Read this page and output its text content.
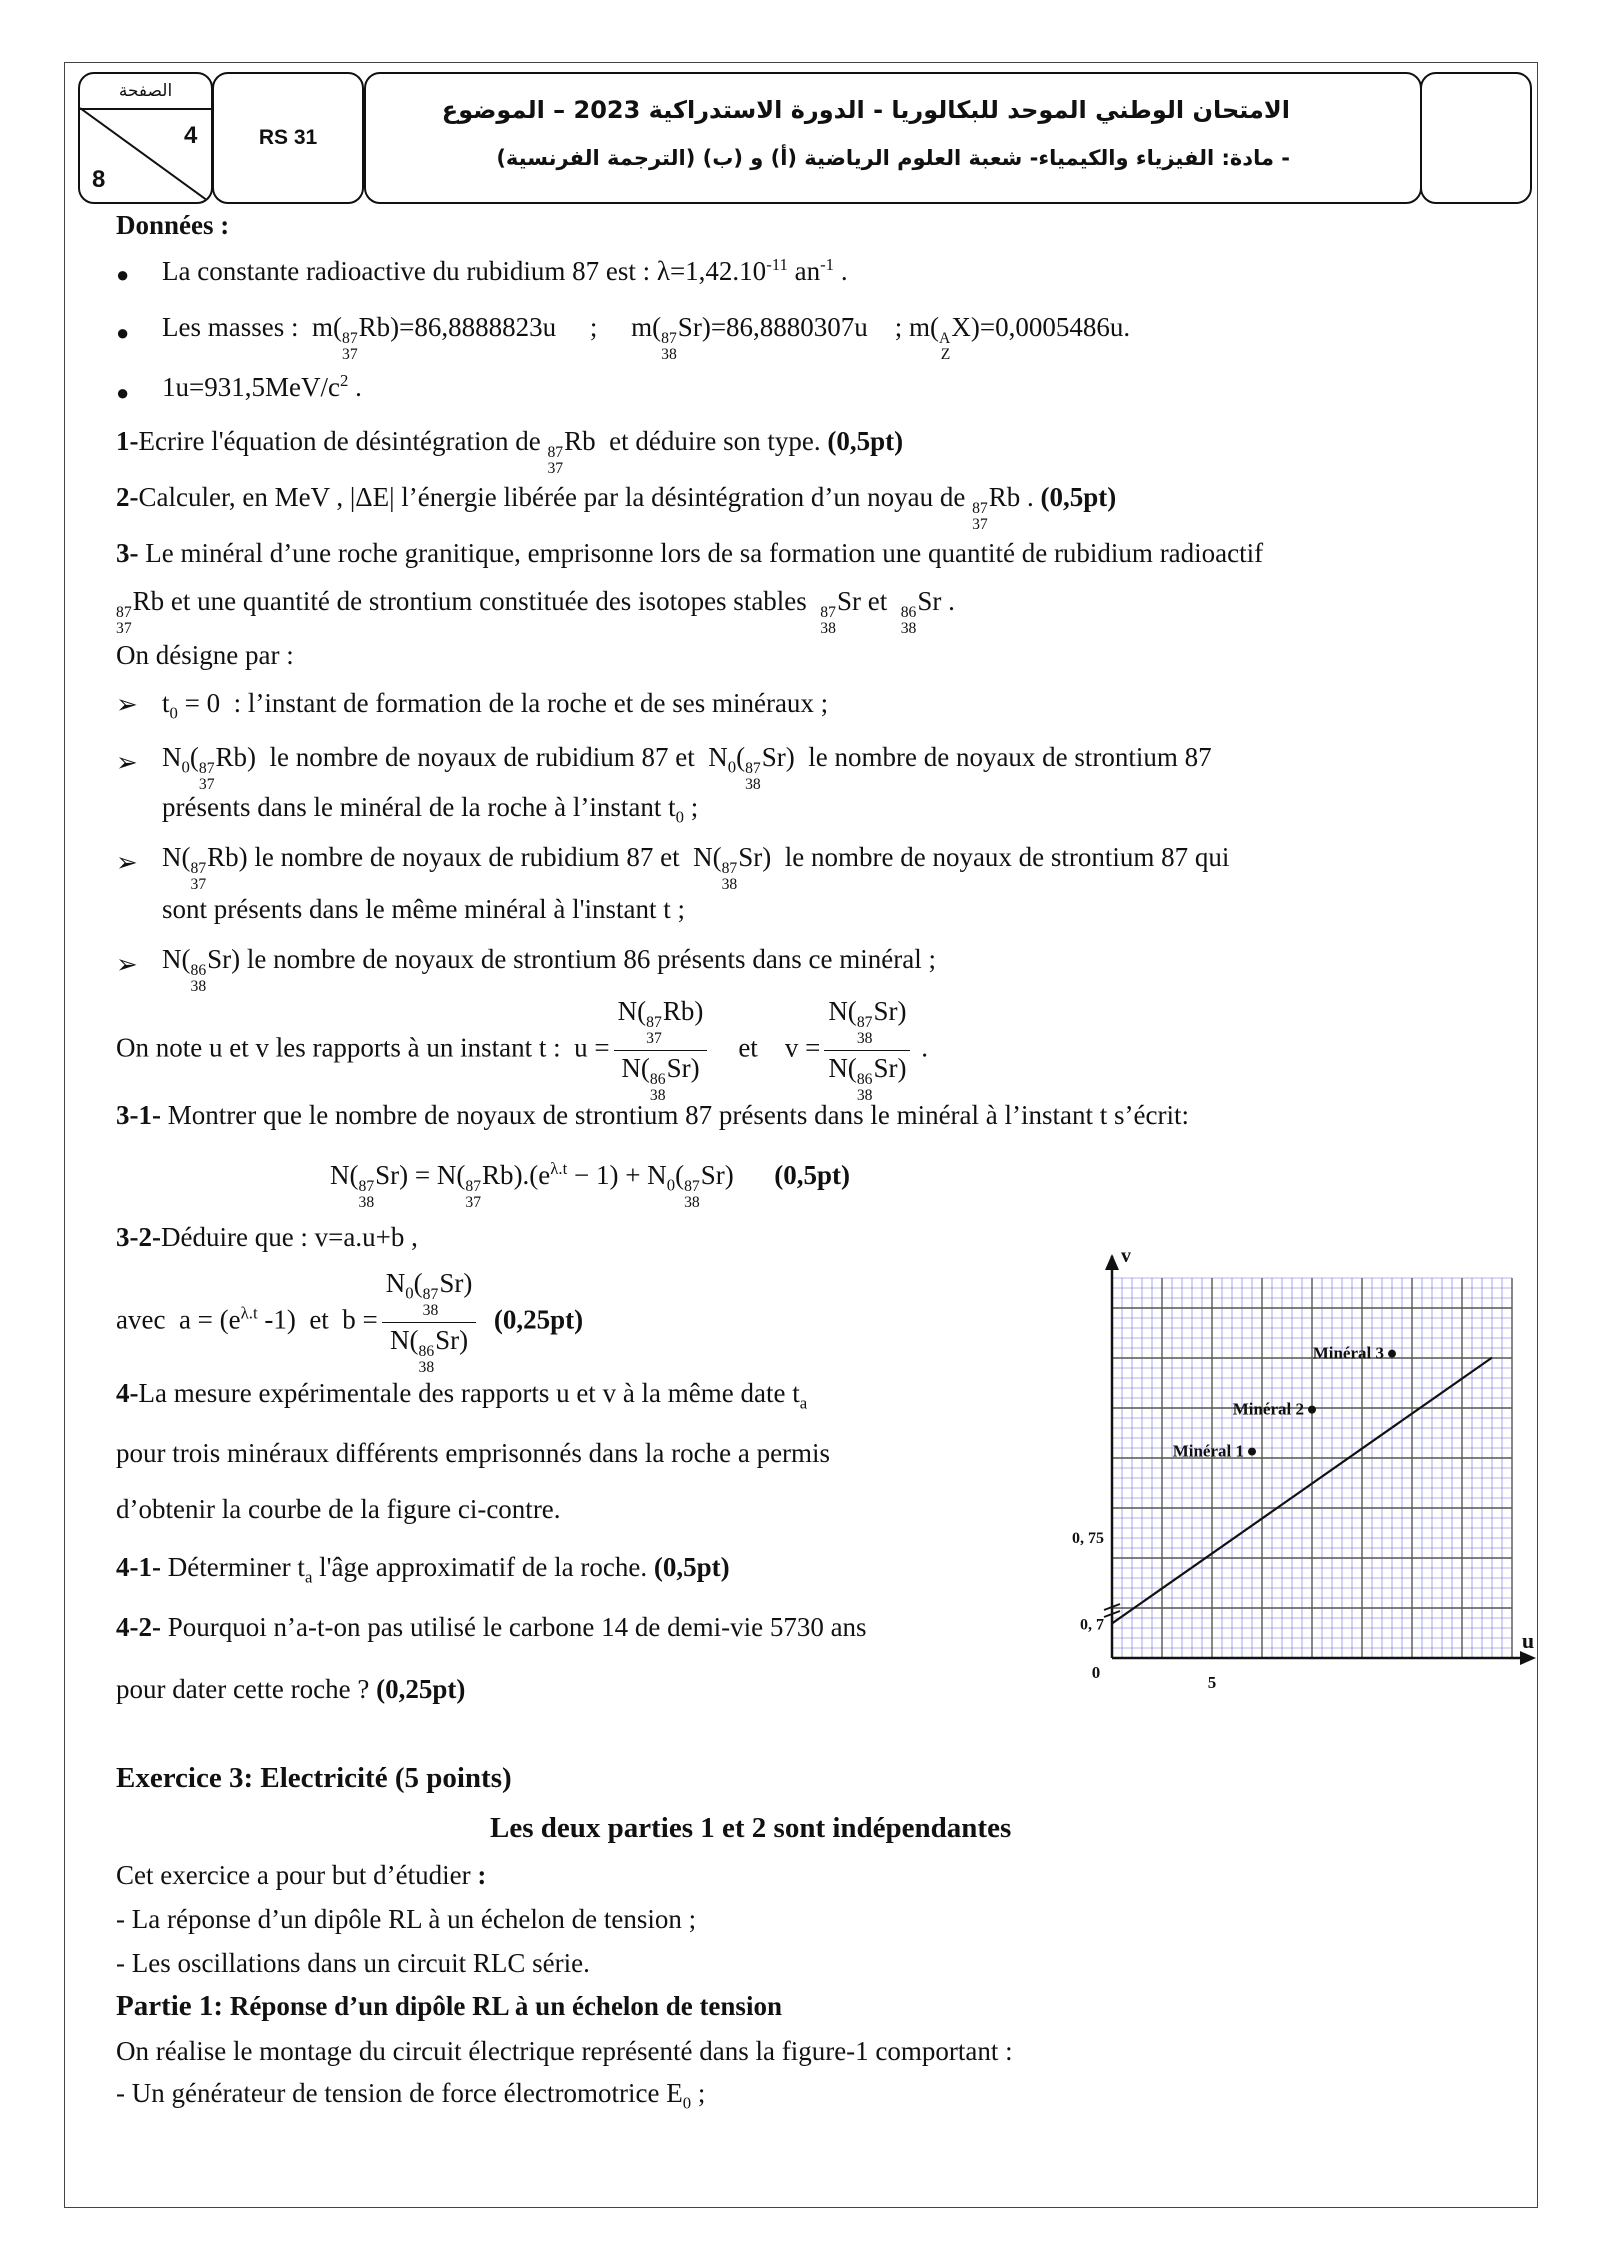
الصفحة
4
8
RS 31
الامتحان الوطني الموحد للبكالوريا - الدورة الاستدراكية 2023 – الموضوع
- مادة: الفيزياء والكيمياء- شعبة العلوم الرياضية (أ) و (ب) (الترجمة الفرنسية)
Données :
● La constante radioactive du rubidium 87 est : $\lambda=1,42.10^{-11}$ $an^{-1}$ .
● Les masses :  m( 87
37
Rb)=86,8888823u     ;     m( 87
38
Sr)=86,8880307u    ; m( A
Z
X)=0,0005486u.
● $1u=931,5MeV/c^2$ .
1-Ecrire l'équation de désintégration de 87
37
Rb et déduire son type. (0,5pt)
2-Calculer, en MeV , |ΔE| l’énergie libérée par la désintégration d’un noyau de 87
37
Rb . (0,5pt)
3- Le minéral d’une roche granitique, emprisonne lors de sa formation une quantité de rubidium radioactif
87
37
Rb et une quantité de strontium constituée des isotopes stables 87
38
Sr et 86
38
Sr .
On désigne par :
➢ $t_0 = 0$  : l’instant de formation de la roche et de ses minéraux ;
➢ $N_0$( 87
37
Rb)  le nombre de noyaux de rubidium 87 et  $N_0$( 87
38
Sr)  le nombre de noyaux de strontium 87
présents dans le minéral de la roche à l’instant $t_0$ ;
➢ N( 87
37
Rb) le nombre de noyaux de rubidium 87 et  N( 87
38
Sr)  le nombre de noyaux de strontium 87 qui
sont présents dans le même minéral à l'instant t ;
➢ N( 86
38
Sr) le nombre de noyaux de strontium 86 présents dans ce minéral ;
On note u et v les rapports à un instant t :  u = N( 87
37
Rb)
N( 86
38
Sr) et    v = N( 87
38
Sr)
N( 86
38
Sr) .
3-1- Montrer que le nombre de noyaux de strontium 87 présents dans le minéral à l’instant t s’écrit:
N( 87
38
Sr) = N( 87
37
$Rb).(e^{\lambda.t} - 1) + N_0$( 87
38
Sr)      (0,5pt)
3-2-Déduire que : v=a.u+b ,
avec  $a = (e^{\lambda.t}$ -1)  et  $b = N_0$( 87
38
Sr)
N( 86
38
Sr) (0,25pt)
4-La mesure expérimentale des rapports u et v à la même date $t_a$
pour trois minéraux différents emprisonnés dans la roche a permis
d’obtenir la courbe de la figure ci-contre.
4-1- Déterminer $t_a$ l'âge approximatif de la roche. (0,5pt)
4-2- Pourquoi n’a-t-on pas utilisé le carbone 14 de demi-vie 5730 ans
pour dater cette roche ? (0,25pt)
Minéral 1
Minéral 2
Minéral 3
v
u
0
5
0, 7
0, 75
Exercice 3: Electricité (5 points)
Les deux parties 1 et 2 sont indépendantes
Cet exercice a pour but d’étudier :
- La réponse d’un dipôle RL à un échelon de tension ;
- Les oscillations dans un circuit RLC série.
Partie 1: Réponse d’un dipôle RL à un échelon de tension
On réalise le montage du circuit électrique représenté dans la figure-1 comportant :
- Un générateur de tension de force électromotrice $E_0$ ;
